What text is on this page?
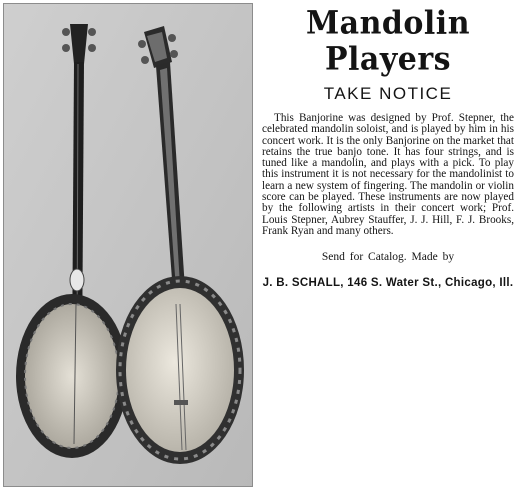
Mandolin Players
TAKE NOTICE

This Banjorine was designed by Prof. Stepner, the celebrated mandolin soloist, and is played by him in his concert work. It is the only Banjorine on the market that retains the true banjo tone. It has four strings, and is tuned like a mandolin, and plays with a pick. To play this instrument it is not necessary for the mandolinist to learn a new system of fingering. The mandolin or violin score can be played. These instruments are now played by the following artists in their concert work; Prof. Louis Stepner, Aubrey Stauffer, J. J. Hill, F. J. Brooks, Frank Ryan and many others.

Send for Catalog. Made by
J. B. SCHALL, 146 S. Water St., Chicago, Ill.
